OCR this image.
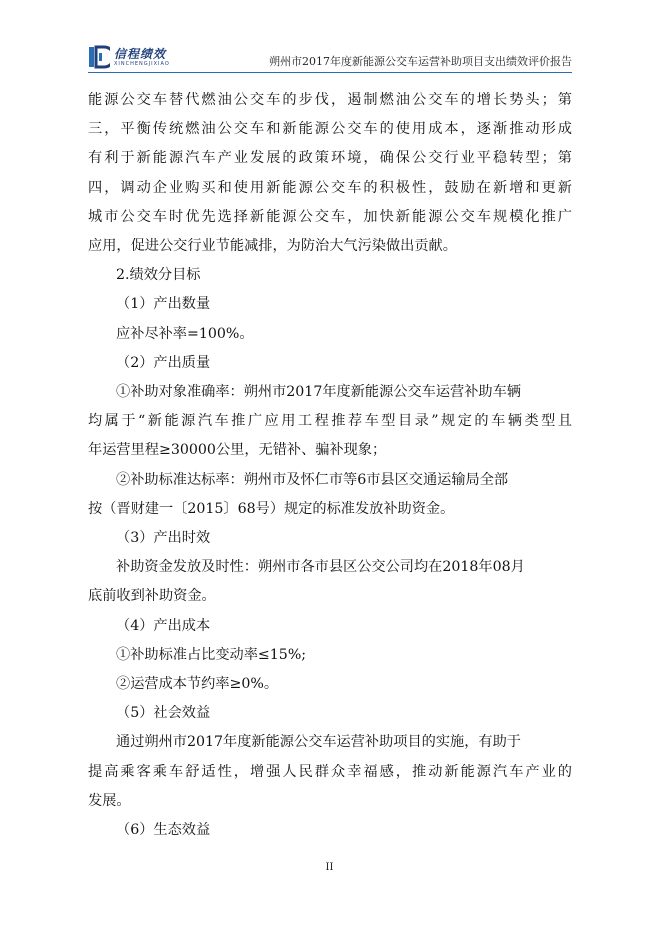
信程绩效
XINCHENGJIXIAO	朔州市2017年度新能源公交车运营补助项目支出绩效评价报告

能源公交车替代燃油公交车的步伐，遏制燃油公交车的增长势头；第

三，平衡传统燃油公交车和新能源公交车的使用成本，逐渐推动形成

有利于新能源汽车产业发展的政策环境，确保公交行业平稳转型；第

四，调动企业购买和使用新能源公交车的积极性，鼓励在新增和更新

城市公交车时优先选择新能源公交车，加快新能源公交车规模化推广

应用，促进公交行业节能减排，为防治大气污染做出贡献。

2.绩效分目标

（1）产出数量

应补尽补率=100%。

（2）产出质量

①补助对象准确率：朔州市2017年度新能源公交车运营补助车辆

均属于“新能源汽车推广应用工程推荐车型目录”规定的车辆类型且

年运营里程≥30000公里，无错补、骗补现象；

②补助标准达标率：朔州市及怀仁市等6市县区交通运输局全部

按（晋财建一〔2015〕68号）规定的标准发放补助资金。

（3）产出时效

补助资金发放及时性：朔州市各市县区公交公司均在2018年08月

底前收到补助资金。

（4）产出成本

①补助标准占比变动率≤15%;

②运营成本节约率≥0%。

（5）社会效益

通过朔州市2017年度新能源公交车运营补助项目的实施，有助于

提高乘客乘车舒适性，增强人民群众幸福感，推动新能源汽车产业的

发展。

（6）生态效益

II
